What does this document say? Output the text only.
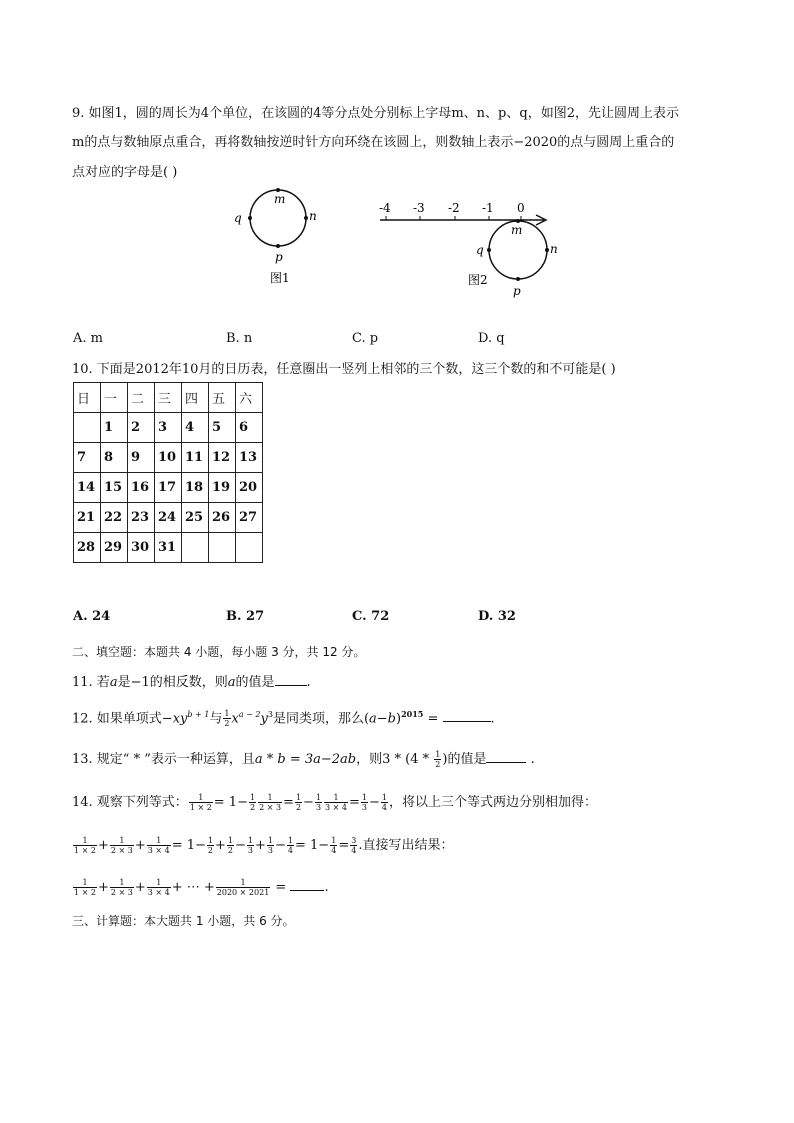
9. 如图1，圆的周长为4个单位，在该圆的4等分点处分别标上字母m、n、p、q，如图2，先让圆周上表示
m的点与数轴原点重合，再将数轴按逆时针方向环绕在该圆上，则数轴上表示−2020的点与圆周上重合的
点对应的字母是( )
m
n
p
q
图1
-4 -3 -2 -1 0
m
n
p
q
图2
A. m	B. n	C. p	D. q
10. 下面是2012年10月的日历表，任意圈出一竖列上相邻的三个数，这三个数的和不可能是( )
日	一	二	三	四	五	六
	1	2	3	4	5	6
7	8	9	10	11	12	13
14	15	16	17	18	19	20
21	22	23	24	25	26	27
28	29	30	31			
A. 24	B. 27	C. 72	D. 32
二、填空题：本题共 4 小题，每小题 3 分，共 12 分。
11. 若a是−1的相反数，则a的值是 .
12. 如果单项式$-xy^{b + 1}$与 $\frac{1}{2} x^{a - 2}y^3$是同类项，那么$(a-b)^{2015}$ =	.
13. 规定“ * ”表示一种运算，且a * b = 3a−2ab，则$3 * (4 * \frac{1}{2}$ )的值是	.
14. 观察下列等式： $\frac{1}{1 \times 2} = 1- \frac{1}{2} \frac{1}{2 \times 3} = \frac{1}{2} - \frac{1}{3} \frac{1}{3 \times 4} = \frac{1}{3} - \frac{1}{4}$ ，将以上三个等式两边分别相加得：
$\frac{1}{1 \times 2} + \frac{1}{2 \times 3} + \frac{1}{3 \times 4} = 1- \frac{1}{2} + \frac{1}{2} - \frac{1}{3} + \frac{1}{3} - \frac{1}{4} = 1- \frac{1}{4} = \frac{3}{4}$ .直接写出结果：
$\frac{1}{1 \times 2} + \frac{1}{2 \times 3} + \frac{1}{3 \times 4}$ + ⋯ + $\frac{1}{2020 \times 2021}$ =	.
三、计算题：本大题共 1 小题，共 6 分。
